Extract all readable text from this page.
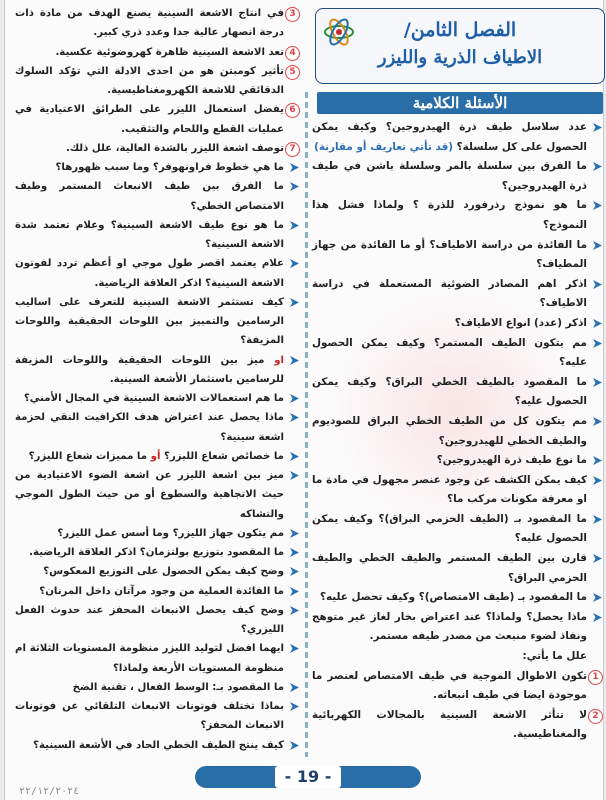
الفصل الثامن/
الاطياف الذرية والليزر
الأسئلة الكلامية
عدد سلاسل طيف ذرة الهيدروجين؟ وكيف يمكن الحصول على كل سلسلة؟ (قد تأتي تعاريف أو مقارنة)
ما الفرق بين سلسلة بالمر وسلسلة باشن في طيف ذرة الهيدروجين؟
ما هو نموذج رذرفورد للذرة ؟ ولماذا فشل هذا النموذج؟
ما الفائدة من دراسة الاطياف؟ أو ما الفائدة من جهاز المطياف؟
اذكر اهم المصادر الضوئية المستعملة في دراسة الاطياف؟
اذكر (عدد) انواع الاطياف؟
مم يتكون الطيف المستمر؟ وكيف يمكن الحصول عليه؟
ما المقصود بالطيف الخطي البراق؟ وكيف يمكن الحصول عليه؟
مم يتكون كل من الطيف الخطي البراق للصوديوم والطيف الخطي للهيدروجين؟
ما نوع طيف ذرة الهيدروجين؟
كيف يمكن الكشف عن وجود عنصر مجهول في مادة ما او معرفة مكونات مركب ما؟
ما المقصود بـ (الطيف الحزمي البراق)؟ وكيف يمكن الحصول عليه؟
قارن بين الطيف المستمر والطيف الخطي والطيف الحزمي البراق؟
ما المقصود بـ (طيف الامتصاص)؟ وكيف تحصل عليه؟
ماذا يحصل؟ ولماذا؟ عند اعتراض بخار لغاز غير متوهج ونفاذ لضوء منبعث من مصدر طيفه مستمر.
علل ما يأتي:
1
تكون الاطوال الموجية في طيف الامتصاص لعنصر ما موجودة ايضا في طيف انبعاثه.
2
لا تتأثر الاشعة السينية بالمجالات الكهربائية والمغناطيسية.
3
في انتاج الاشعة السينية يصنع الهدف من مادة ذات درجة انصهار عالية جدا وعدد ذري كبير.
4
تعد الاشعة السينية ظاهرة كهروضوئية عكسية.
5
تأثير كومبتن هو من احدى الادلة التي تؤكد السلوك الدقائقي للاشعة الكهرومغناطيسية.
6
يفضل استعمال الليزر على الطرائق الاعتيادية في عمليات القطع واللحام والتثقيب.
7
توصف اشعة الليزر بالشدة العالية، علل ذلك.
ما هي خطوط فراونهوفر؟ وما سبب ظهورها؟
ما الفرق بين طيف الانبعاث المستمر وطيف الامتصاص الخطي؟
ما هو نوع طيف الاشعة السينية؟ وعلام تعتمد شدة الاشعة السينية؟
علام يعتمد اقصر طول موجي او أعظم تردد لفوتون الاشعة السينية؟ اذكر العلاقة الرياضية.
كيف تستثمر الاشعة السينية للتعرف على اساليب الرسامين والتمييز بين اللوحات الحقيقية واللوحات المزيفة؟
او ميز بين اللوحات الحقيقية واللوحات المزيفة للرسامين باستثمار الأشعة السينية.
ما هم استعمالات الاشعة السينية في المجال الأمني؟
ماذا يحصل عند اعتراض هدف الكرافيت النقي لحزمة اشعة سينية؟
ما خصائص شعاع الليزر؟ أو ما مميزات شعاع الليزر؟
ميز بين اشعة الليزر عن اشعة الضوء الاعتيادية من حيث الاتجاهية والسطوع أو من حيث الطول الموجي والتشاكه
مم يتكون جهاز الليزر؟ وما أسس عمل الليزر؟
ما المقصود بتوزيع بولتزمان؟ اذكر العلاقة الرياضية.
وضح كيف يمكن الحصول على التوزيع المعكوس؟
ما الفائدة العملية من وجود مرآتان داخل المرنان؟
وضح كيف يحصل الانبعاث المحفز عند حدوث الفعل الليزري؟
ايهما افضل لتوليد الليزر منظومة المستويات الثلاثة ام منظومة المستويات الأربعة ولماذا؟
ما المقصود بـ: الوسط الفعال ، تقنية الضخ
بماذا تختلف فوتونات الانبعاث التلقائي عن فوتونات الانبعاث المحفز؟
كيف ينتج الطيف الخطي الحاد في الأشعة السينية؟
- 19 -
٢٢/١٢/٢٠٢٤
